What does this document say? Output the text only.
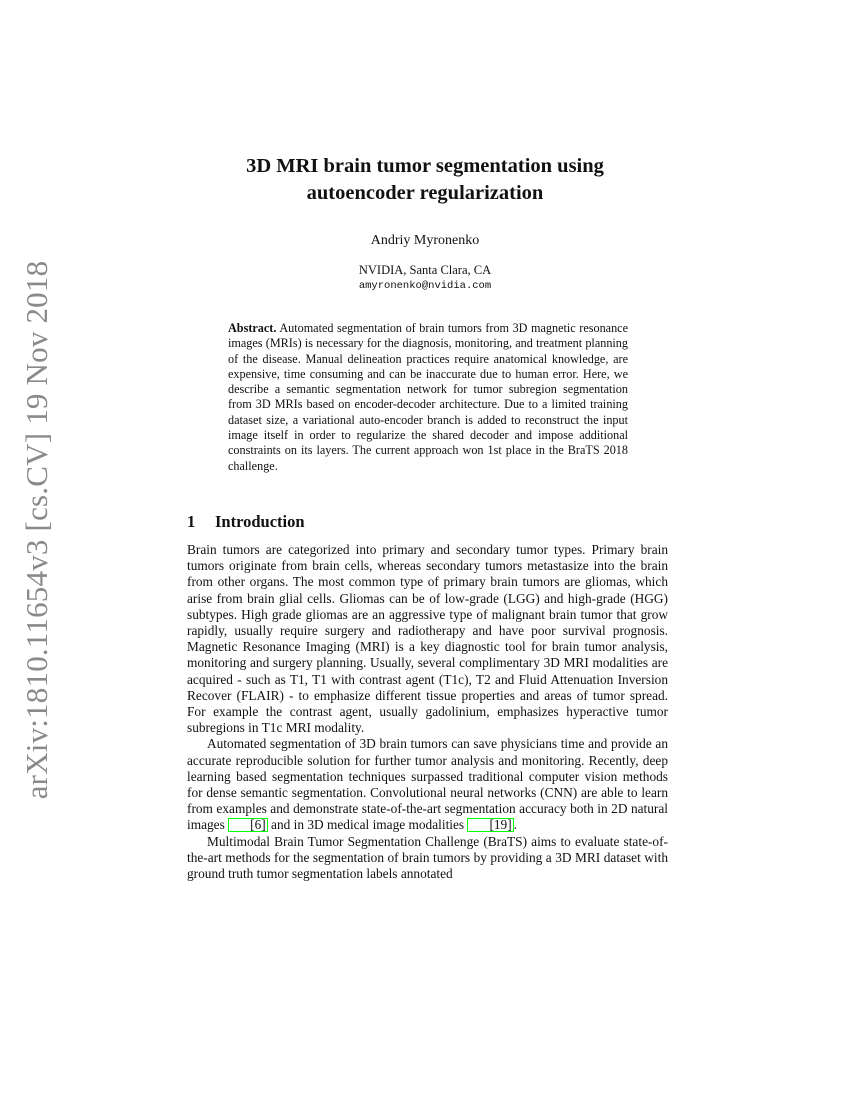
arXiv:1810.11654v3 [cs.CV] 19 Nov 2018
3D MRI brain tumor segmentation using
autoencoder regularization
Andriy Myronenko
NVIDIA, Santa Clara, CA
amyronenko@nvidia.com
Abstract. Automated segmentation of brain tumors from 3D magnetic resonance images (MRIs) is necessary for the diagnosis, monitoring, and treatment planning of the disease. Manual delineation practices require anatomical knowledge, are expensive, time consuming and can be inaccurate due to human error. Here, we describe a semantic segmentation network for tumor subregion segmentation from 3D MRIs based on encoder-decoder architecture. Due to a limited training dataset size, a variational auto-encoder branch is added to reconstruct the input image itself in order to regularize the shared decoder and impose additional constraints on its layers. The current approach won 1st place in the BraTS 2018 challenge.
1 Introduction

Brain tumors are categorized into primary and secondary tumor types. Primary brain tumors originate from brain cells, whereas secondary tumors metastasize into the brain from other organs. The most common type of primary brain tumors are gliomas, which arise from brain glial cells. Gliomas can be of low-grade (LGG) and high-grade (HGG) subtypes. High grade gliomas are an aggressive type of malignant brain tumor that grow rapidly, usually require surgery and radiotherapy and have poor survival prognosis. Magnetic Resonance Imaging (MRI) is a key diagnostic tool for brain tumor analysis, monitoring and surgery planning. Usually, several complimentary 3D MRI modalities are acquired - such as T1, T1 with contrast agent (T1c), T2 and Fluid Attenuation Inversion Recover (FLAIR) - to emphasize different tissue properties and areas of tumor spread. For example the contrast agent, usually gadolinium, emphasizes hyperactive tumor subregions in T1c MRI modality.

Automated segmentation of 3D brain tumors can save physicians time and provide an accurate reproducible solution for further tumor analysis and monitoring. Recently, deep learning based segmentation techniques surpassed traditional computer vision methods for dense semantic segmentation. Convolutional neural networks (CNN) are able to learn from examples and demonstrate state-of-the-art segmentation accuracy both in 2D natural images [6] and in 3D medical image modalities [19] .

Multimodal Brain Tumor Segmentation Challenge (BraTS) aims to evaluate state-of-the-art methods for the segmentation of brain tumors by providing a 3D MRI dataset with ground truth tumor segmentation labels annotated
